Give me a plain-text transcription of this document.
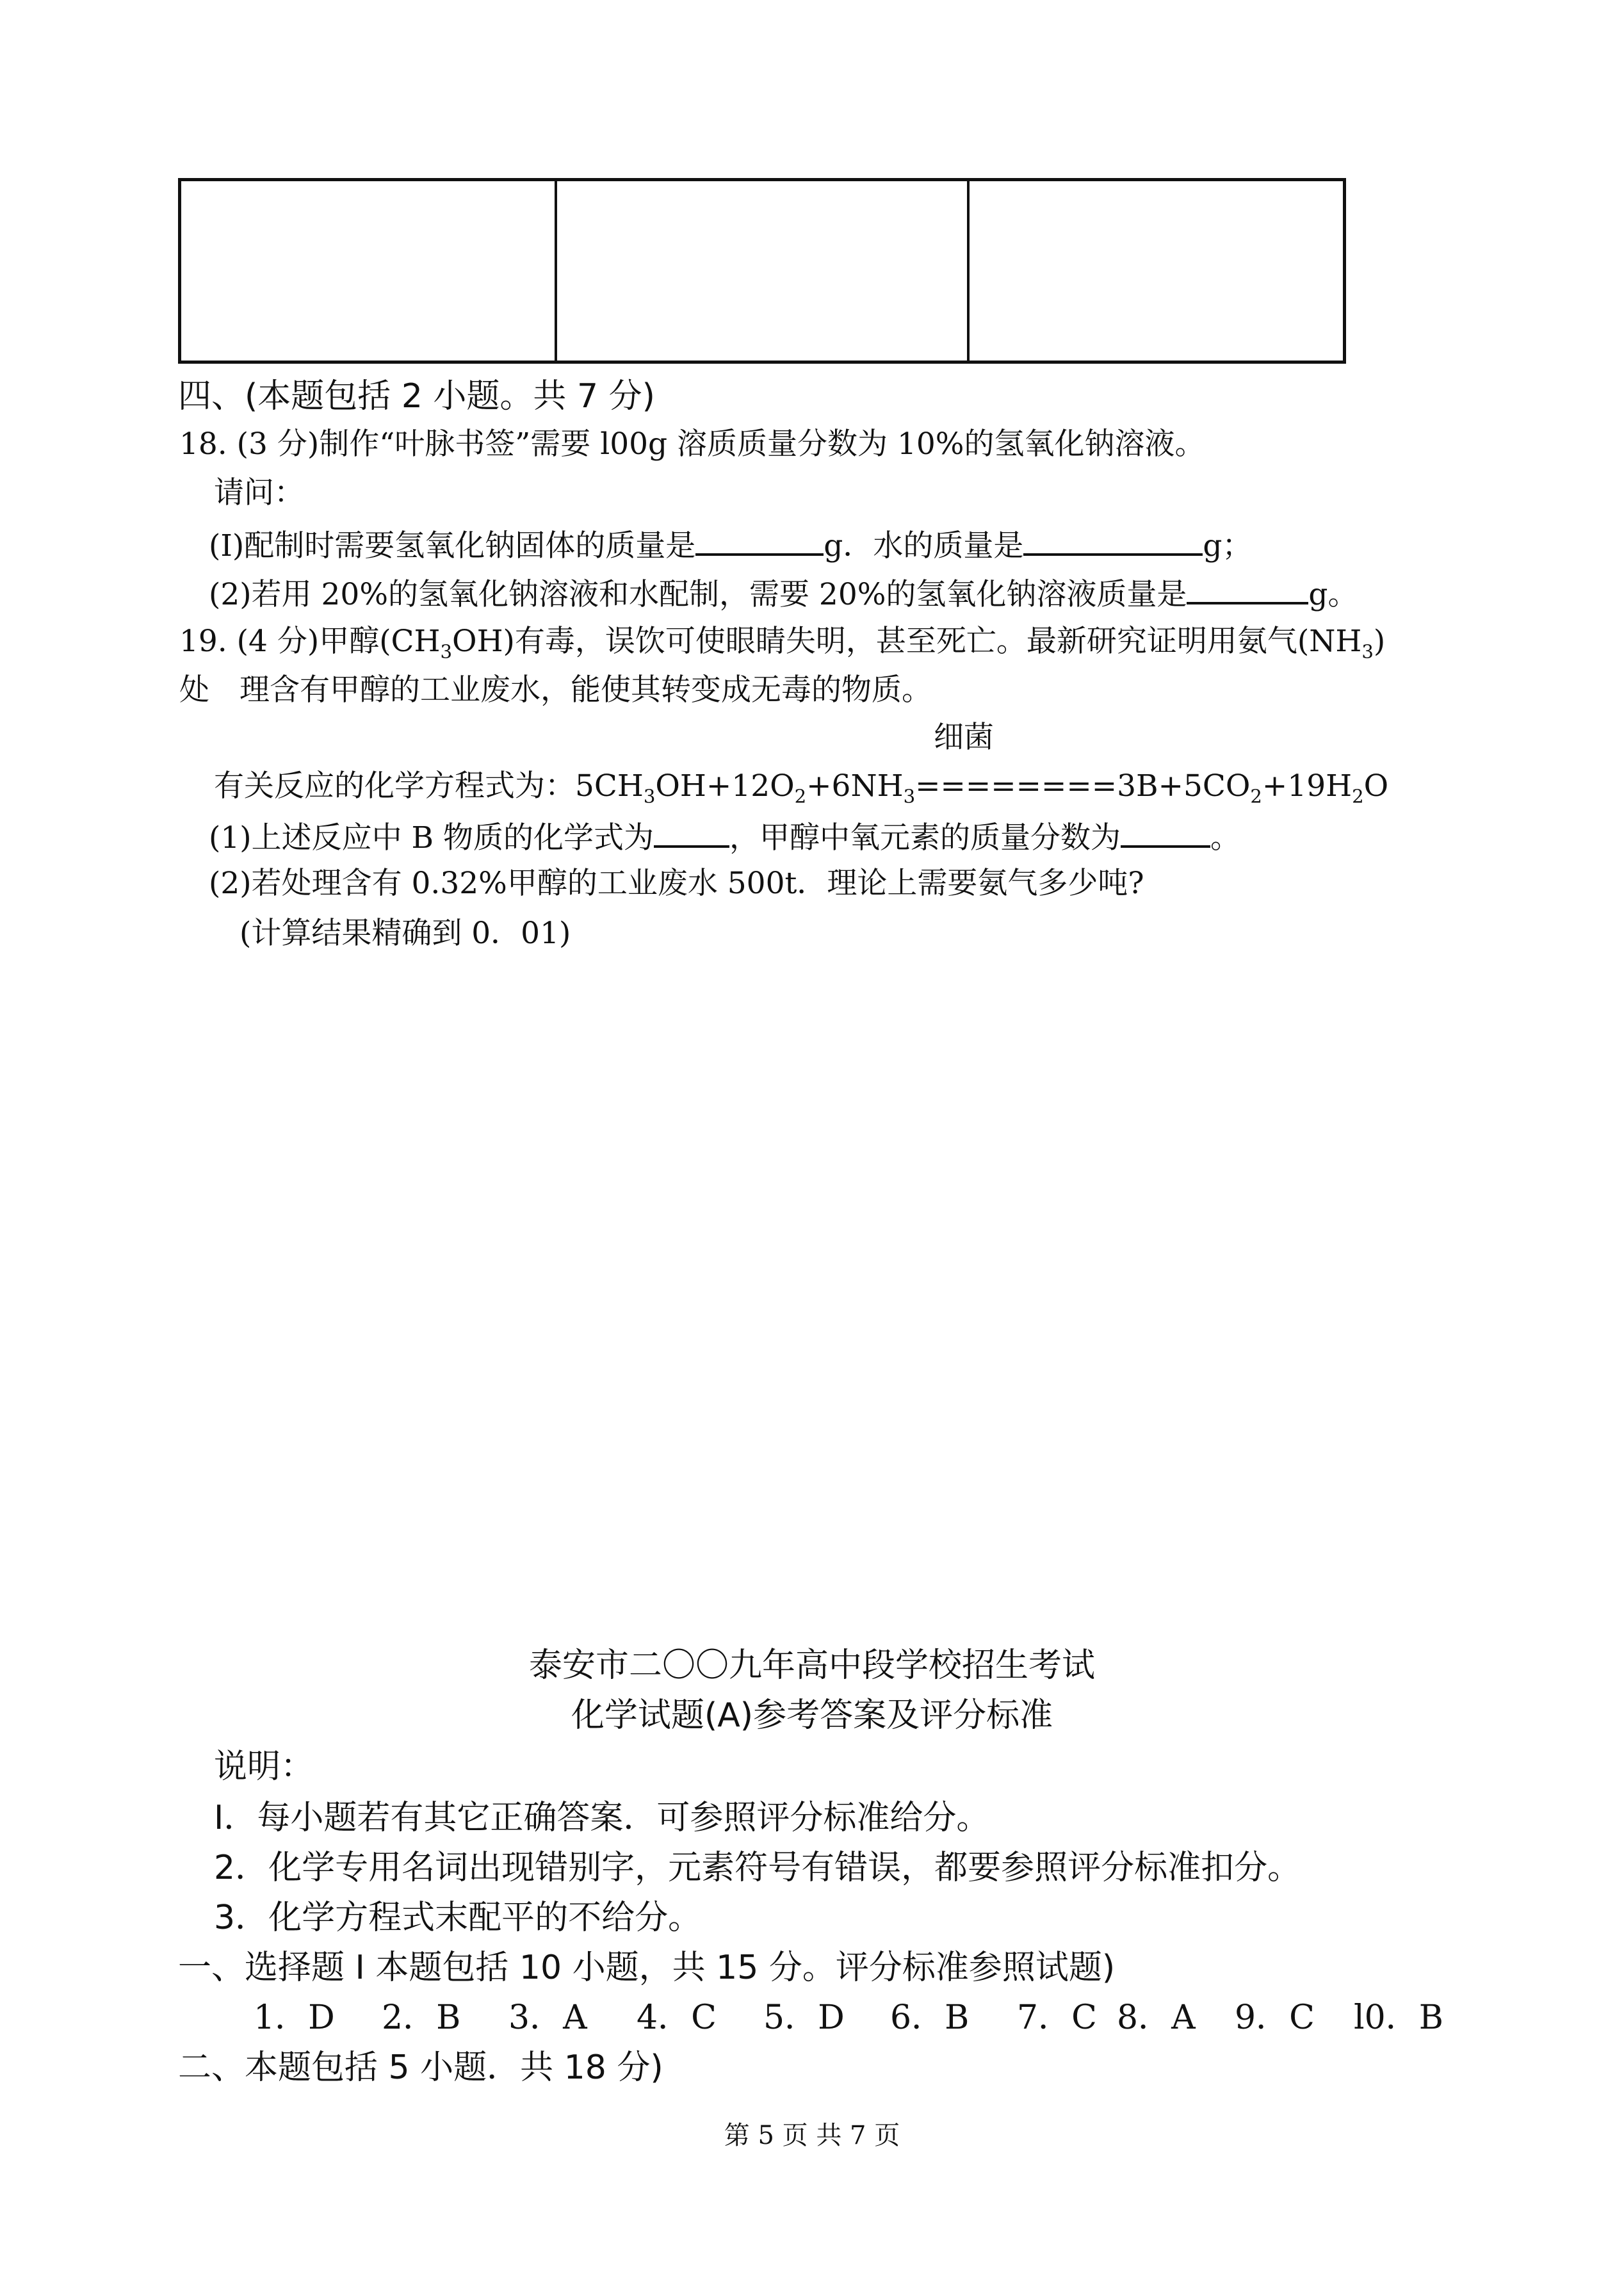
四、(本题包括 2 小题。共 7 分)
18. (3 分)制作“叶脉书签”需要 l00g 溶质质量分数为 10%的氢氧化钠溶液。
请问：
(I)配制时需要氢氧化钠固体的质量是	g．水的质量是	g；
(2)若用 20%的氢氧化钠溶液和水配制，需要 20%的氢氧化钠溶液质量是	g。
19. (4 分)甲醇$(CH_3OH)$有毒，误饮可使眼睛失明，甚至死亡。最新研究证明用氨气$(NH_3)$
处　理含有甲醇的工业废水，能使其转变成无毒的物质。
细菌
有关反应的化学方程式为：$5CH_3OH+12O_2+6NH_3========3B+5CO_2+19H_2O$
(1)上述反应中 B 物质的化学式为	，甲醇中氧元素的质量分数为	。
(2)若处理含有 0.32%甲醇的工业废水 500t．理论上需要氨气多少吨?
(计算结果精确到 0．01)
泰安市二〇〇九年高中段学校招生考试
化学试题(A)参考答案及评分标准
说明：
I．每小题若有其它正确答案．可参照评分标准给分。
2．化学专用名词出现错别字，元素符号有错误，都要参照评分标准扣分。
3．化学方程式末配平的不给分。
一、选择题 I 本题包括 10 小题，共 15 分。评分标准参照试题)
1．D 2．B 3．A 4．C 5．D 6．B 7．C 8．A 9．C l0．B
二、本题包括 5 小题．共 18 分)
第 5 页 共 7 页
